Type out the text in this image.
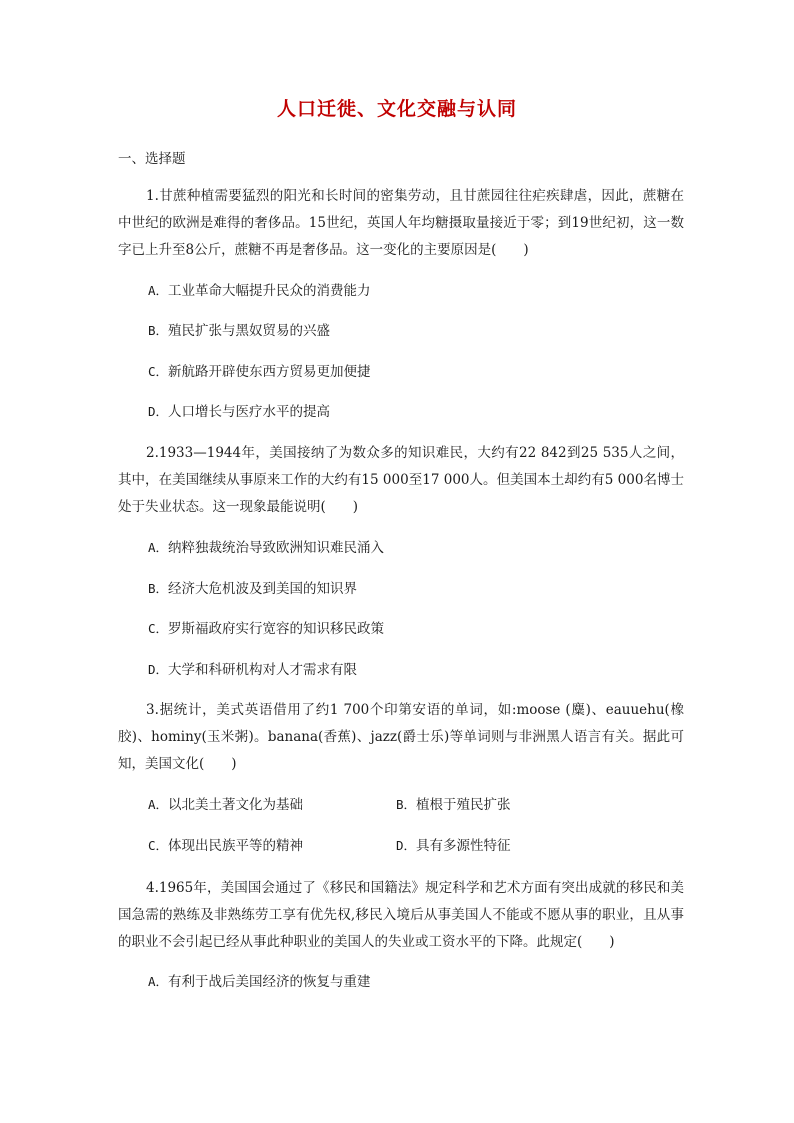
人口迁徙、文化交融与认同
一、选择题
1.甘蔗种植需要猛烈的阳光和长时间的密集劳动，且甘蔗园往往疟疾肆虐，因此，蔗糖在中世纪的欧洲是难得的奢侈品。15世纪，英国人年均糖摄取量接近于零；到19世纪初，这一数字已上升至8公斤，蔗糖不再是奢侈品。这一变化的主要原因是(　　)
A．工业革命大幅提升民众的消费能力
B．殖民扩张与黑奴贸易的兴盛
C．新航路开辟使东西方贸易更加便捷
D．人口增长与医疗水平的提高
2.1933—1944年，美国接纳了为数众多的知识难民，大约有22 842到25 535人之间，其中，在美国继续从事原来工作的大约有15 000至17 000人。但美国本土却约有5 000名博士处于失业状态。这一现象最能说明(　　)
A．纳粹独裁统治导致欧洲知识难民涌入
B．经济大危机波及到美国的知识界
C．罗斯福政府实行宽容的知识移民政策
D．大学和科研机构对人才需求有限
3.据统计，美式英语借用了约1 700个印第安语的单词，如:moose (麋)、eauuehu(橡胶)、hominy(玉米粥)。banana(香蕉)、jazz(爵士乐)等单词则与非洲黑人语言有关。据此可知，美国文化(　　)
A．以北美土著文化为基础	B．植根于殖民扩张
C．体现出民族平等的精神	D．具有多源性特征
4.1965年，美国国会通过了《移民和国籍法》规定科学和艺术方面有突出成就的移民和美国急需的熟练及非熟练劳工享有优先权,移民入境后从事美国人不能或不愿从事的职业，且从事的职业不会引起已经从事此种职业的美国人的失业或工资水平的下降。此规定(　　)
A．有利于战后美国经济的恢复与重建
